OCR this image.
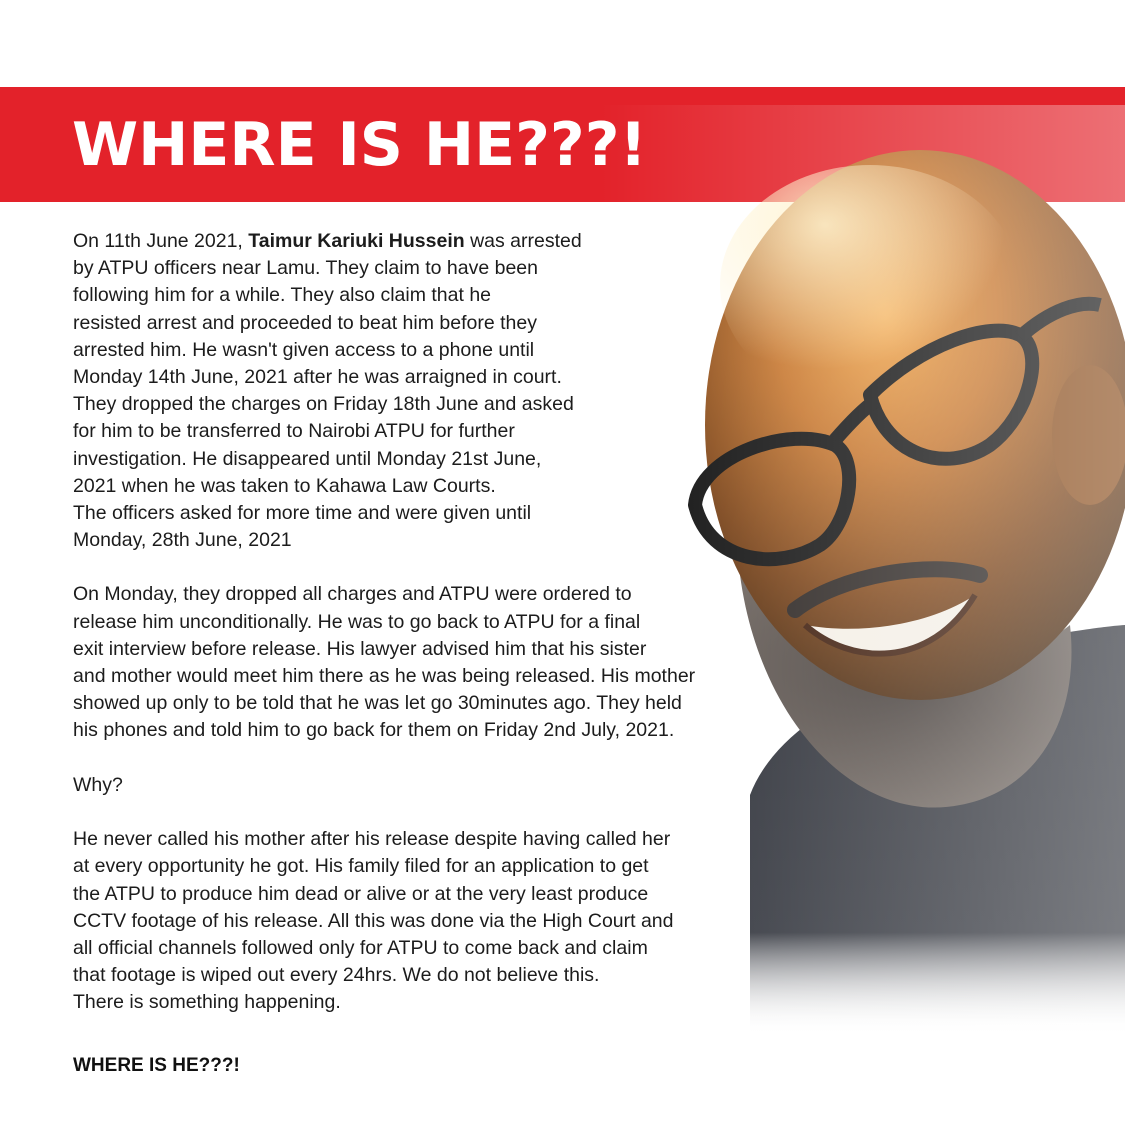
WHERE IS HE???!
On 11th June 2021, Taimur Kariuki Hussein was arrested
by ATPU officers near Lamu. They claim to have been
following him for a while. They also claim that he
resisted arrest and proceeded to beat him before they
arrested him. He wasn't given access to a phone until
Monday 14th June, 2021 after he was arraigned in court.
They dropped the charges on Friday 18th June and asked
for him to be transferred to Nairobi ATPU for further
investigation. He disappeared until Monday 21st June,
2021 when he was taken to Kahawa Law Courts.
The officers asked for more time and were given until
Monday, 28th June, 2021
On Monday, they dropped all charges and ATPU were ordered to
release him unconditionally. He was to go back to ATPU for a final
exit interview before release. His lawyer advised him that his sister
and mother would meet him there as he was being released. His mother
showed up only to be told that he was let go 30minutes ago. They held
his phones and told him to go back for them on Friday 2nd July, 2021.
Why?
He never called his mother after his release despite having called her
at every opportunity he got. His family filed for an application to get
the ATPU to produce him dead or alive or at the very least produce
CCTV footage of his release. All this was done via the High Court and
all official channels followed only for ATPU to come back and claim
that footage is wiped out every 24hrs. We do not believe this.
There is something happening.

WHERE IS HE???!
